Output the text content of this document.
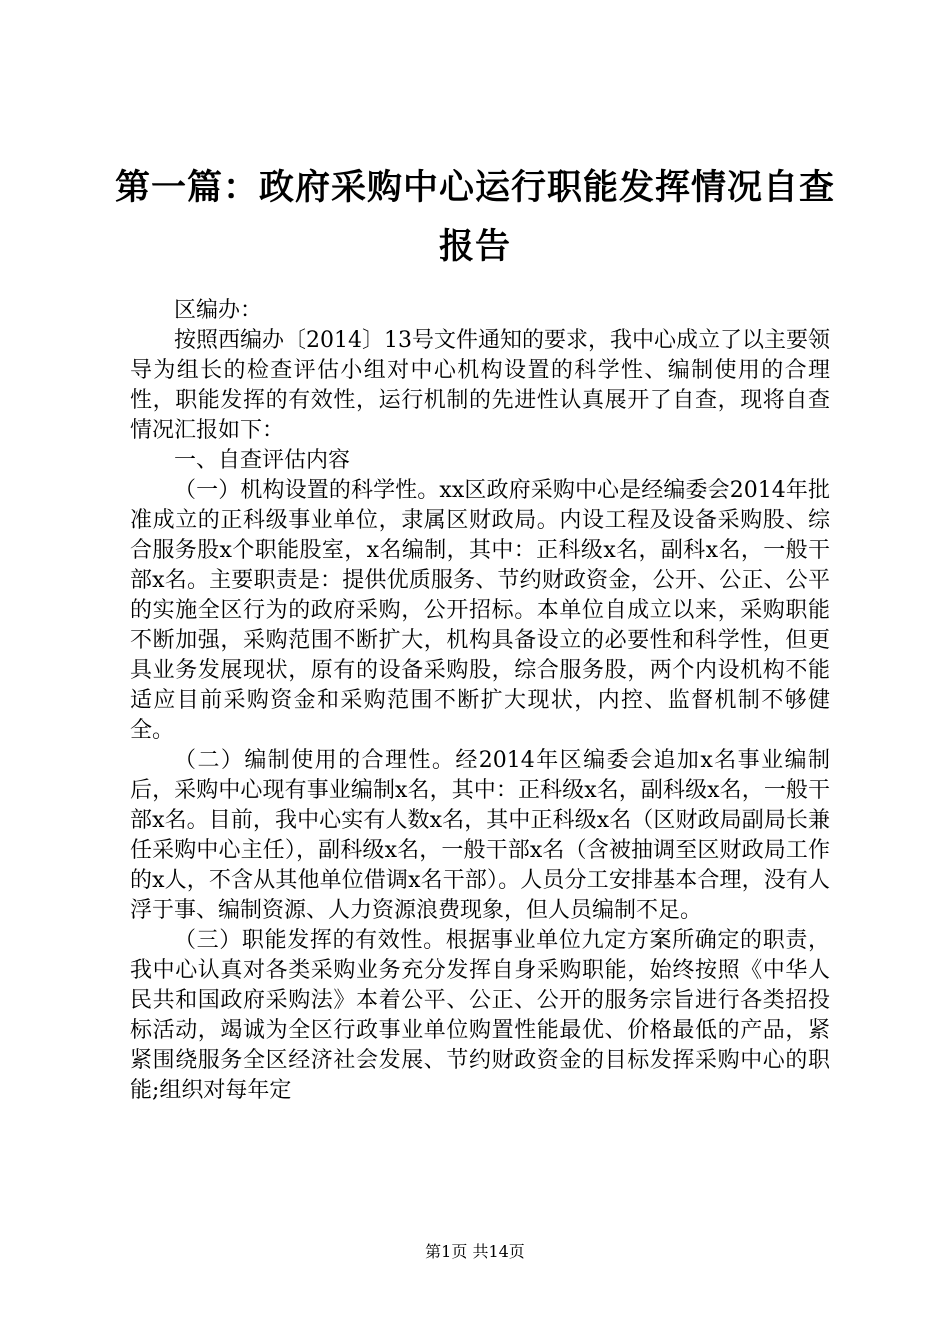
第一篇：政府采购中心运行职能发挥情况自查报告

区编办：

按照西编办〔2014〕13号文件通知的要求，我中心成立了以主要领导为组长的检查评估小组对中心机构设置的科学性、编制使用的合理性，职能发挥的有效性，运行机制的先进性认真展开了自查，现将自查情况汇报如下：

一、自查评估内容

（一）机构设置的科学性。xx区政府采购中心是经编委会2014年批准成立的正科级事业单位，隶属区财政局。内设工程及设备采购股、综合服务股x个职能股室，x名编制，其中：正科级x名，副科x名，一般干部x名。主要职责是：提供优质服务、节约财政资金，公开、公正、公平的实施全区行为的政府采购，公开招标。本单位自成立以来，采购职能不断加强，采购范围不断扩大，机构具备设立的必要性和科学性，但更具业务发展现状，原有的设备采购股，综合服务股，两个内设机构不能适应目前采购资金和采购范围不断扩大现状，内控、监督机制不够健全。

（二）编制使用的合理性。经2014年区编委会追加x名事业编制后，采购中心现有事业编制x名，其中：正科级x名，副科级x名，一般干部x名。目前，我中心实有人数x名，其中正科级x名（区财政局副局长兼任采购中心主任），副科级x名，一般干部x名（含被抽调至区财政局工作的x人，不含从其他单位借调x名干部）。人员分工安排基本合理，没有人浮于事、编制资源、人力资源浪费现象，但人员编制不足。

（三）职能发挥的有效性。根据事业单位九定方案所确定的职责，我中心认真对各类采购业务充分发挥自身采购职能，始终按照《中华人民共和国政府采购法》本着公平、公正、公开的服务宗旨进行各类招投标活动，竭诚为全区行政事业单位购置性能最优、价格最低的产品，紧紧围绕服务全区经济社会发展、节约财政资金的目标发挥采购中心的职能;组织对每年定

第1页 共14页
